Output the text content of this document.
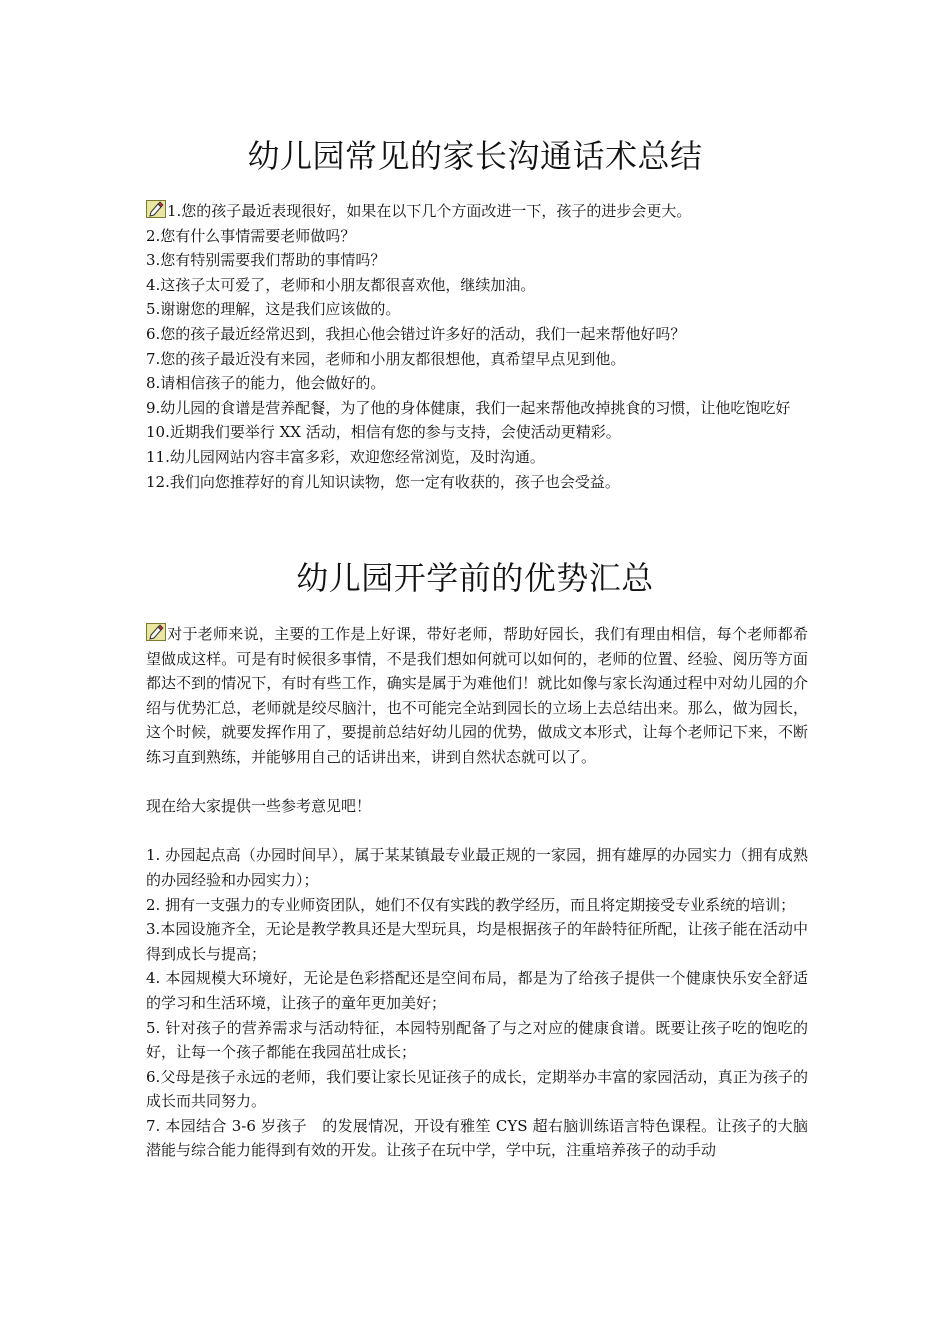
幼儿园常见的家长沟通话术总结

1.您的孩子最近表现很好，如果在以下几个方面改进一下，孩子的进步会更大。

2.您有什么事情需要老师做吗？

3.您有特别需要我们帮助的事情吗？

4.这孩子太可爱了，老师和小朋友都很喜欢他，继续加油。

5.谢谢您的理解，这是我们应该做的。

6.您的孩子最近经常迟到，我担心他会错过许多好的活动，我们一起来帮他好吗？

7.您的孩子最近没有来园，老师和小朋友都很想他，真希望早点见到他。

8.请相信孩子的能力，他会做好的。

9.幼儿园的食谱是营养配餐，为了他的身体健康，我们一起来帮他改掉挑食的习惯，让他吃饱吃好

10.近期我们要举行 XX 活动，相信有您的参与支持，会使活动更精彩。

11.幼儿园网站内容丰富多彩，欢迎您经常浏览，及时沟通。

12.我们向您推荐好的育儿知识读物，您一定有收获的，孩子也会受益。

幼儿园开学前的优势汇总

对于老师来说，主要的工作是上好课，带好老师，帮助好园长，我们有理由相信，每个老师都希望做成这样。可是有时候很多事情，不是我们想如何就可以如何的，老师的位置、经验、阅历等方面都达不到的情况下，有时有些工作，确实是属于为难他们！就比如像与家长沟通过程中对幼儿园的介绍与优势汇总，老师就是绞尽脑汁，也不可能完全站到园长的立场上去总结出来。那么，做为园长，这个时候，就要发挥作用了，要提前总结好幼儿园的优势，做成文本形式，让每个老师记下来，不断练习直到熟练，并能够用自己的话讲出来，讲到自然状态就可以了。

现在给大家提供一些参考意见吧！

1. 办园起点高（办园时间早），属于某某镇最专业最正规的一家园，拥有雄厚的办园实力（拥有成熟的办园经验和办园实力）；

2. 拥有一支强力的专业师资团队，她们不仅有实践的教学经历，而且将定期接受专业系统的培训；

3.本园设施齐全，无论是教学教具还是大型玩具，均是根据孩子的年龄特征所配，让孩子能在活动中得到成长与提高；

4. 本园规模大环境好，无论是色彩搭配还是空间布局，都是为了给孩子提供一个健康快乐安全舒适的学习和生活环境，让孩子的童年更加美好；

5. 针对孩子的营养需求与活动特征，本园特别配备了与之对应的健康食谱。既要让孩子吃的饱吃的好，让每一个孩子都能在我园茁壮成长；

6.父母是孩子永远的老师，我们要让家长见证孩子的成长，定期举办丰富的家园活动，真正为孩子的成长而共同努力。

7. 本园结合 3-6 岁孩子　的发展情况，开设有雅笙 CYS 超右脑训练语言特色课程。让孩子的大脑潜能与综合能力能得到有效的开发。让孩子在玩中学，学中玩，注重培养孩子的动手动
